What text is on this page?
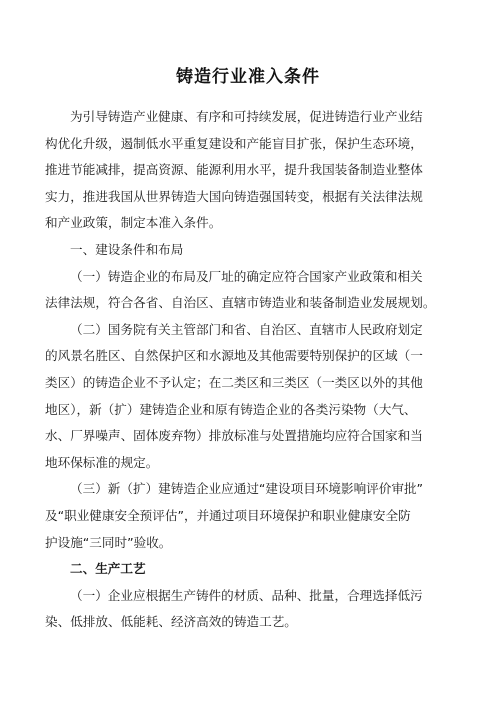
铸造行业准入条件
为引导铸造产业健康、有序和可持续发展，促进铸造行业产业结
构优化升级，遏制低水平重复建设和产能盲目扩张，保护生态环境，
推进节能减排，提高资源、能源利用水平，提升我国装备制造业整体
实力，推进我国从世界铸造大国向铸造强国转变，根据有关法律法规
和产业政策，制定本准入条件。
一、建设条件和布局
（一）铸造企业的布局及厂址的确定应符合国家产业政策和相关
法律法规，符合各省、自治区、直辖市铸造业和装备制造业发展规划。
（二）国务院有关主管部门和省、自治区、直辖市人民政府划定
的风景名胜区、自然保护区和水源地及其他需要特别保护的区域（一
类区）的铸造企业不予认定；在二类区和三类区（一类区以外的其他
地区），新（扩）建铸造企业和原有铸造企业的各类污染物（大气、
水、厂界噪声、固体废弃物）排放标准与处置措施均应符合国家和当
地环保标准的规定。
（三）新（扩）建铸造企业应通过“建设项目环境影响评价审批”
及“职业健康安全预评估”，并通过项目环境保护和职业健康安全防
护设施“三同时”验收。
二、生产工艺
（一）企业应根据生产铸件的材质、品种、批量，合理选择低污
染、低排放、低能耗、经济高效的铸造工艺。
